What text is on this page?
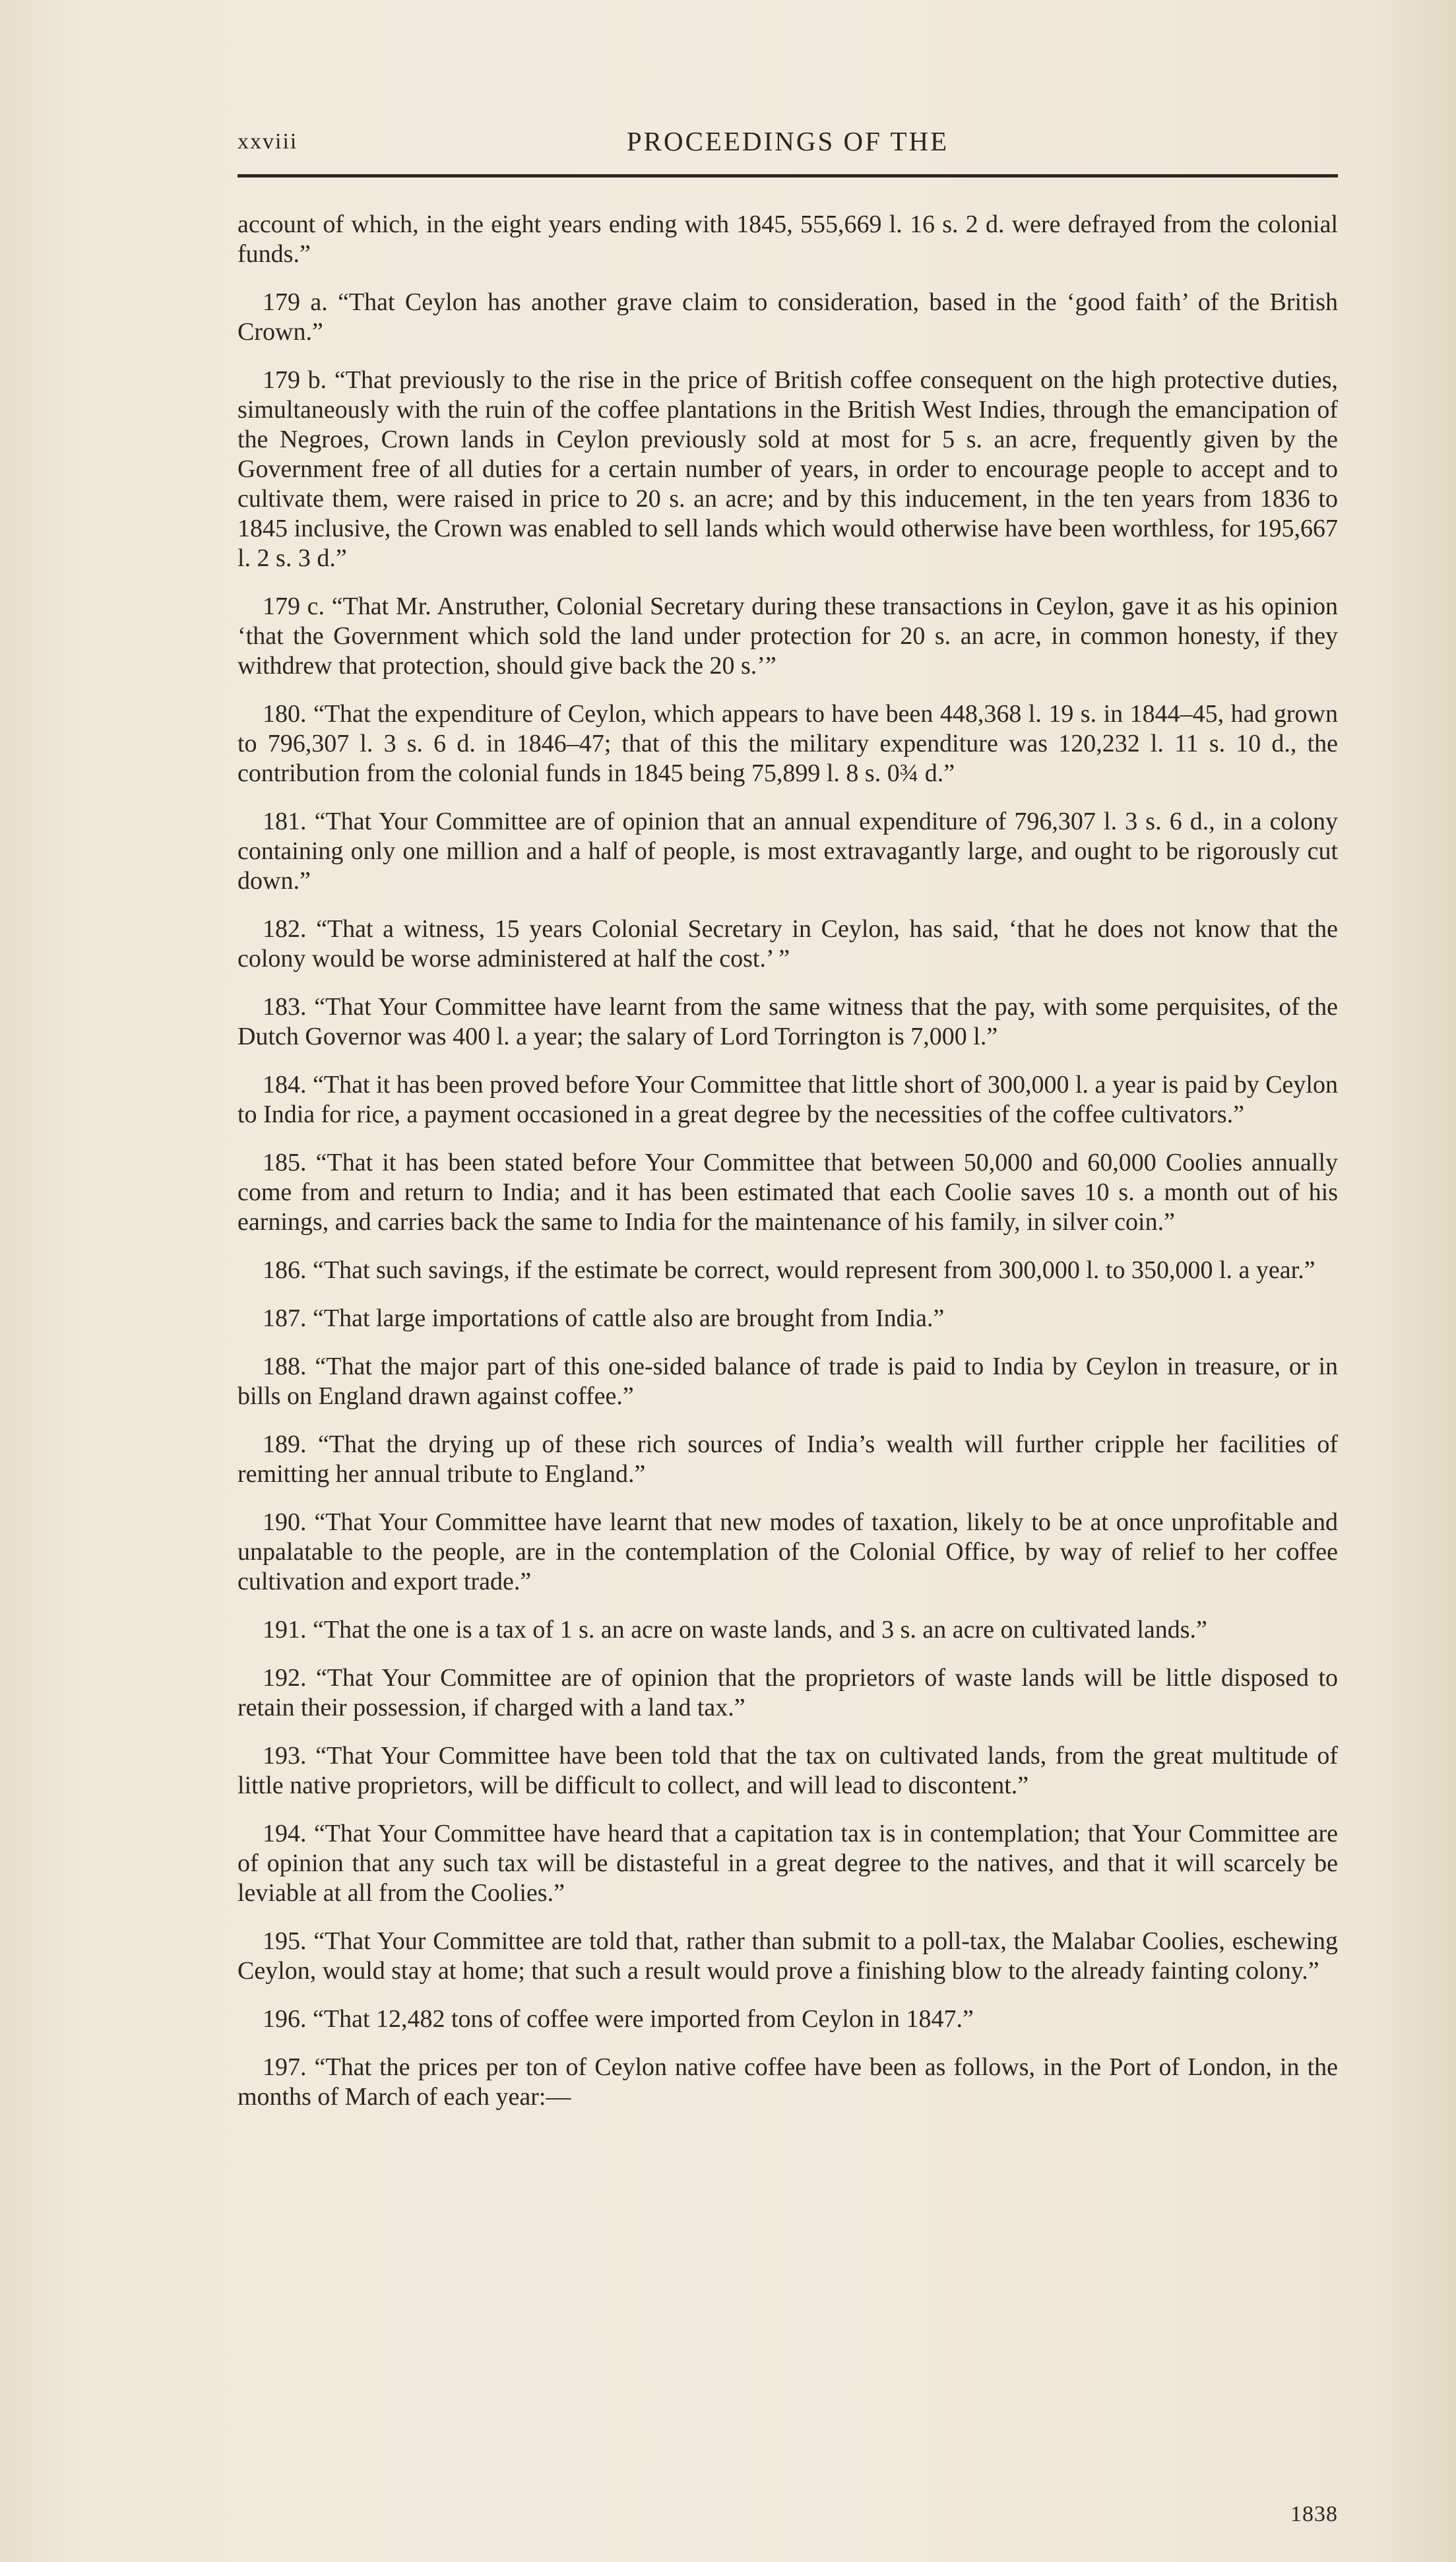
xxviii	PROCEEDINGS OF THE

account of which, in the eight years ending with 1845, 555,669 l. 16 s. 2 d. were defrayed from the colonial funds.”

179 a. “That Ceylon has another grave claim to consideration, based in the ‘good faith’ of the British Crown.”

179 b. “That previously to the rise in the price of British coffee consequent on the high protective duties, simultaneously with the ruin of the coffee plantations in the British West Indies, through the emancipation of the Negroes, Crown lands in Ceylon previously sold at most for 5 s. an acre, frequently given by the Government free of all duties for a certain number of years, in order to encourage people to accept and to cultivate them, were raised in price to 20 s. an acre; and by this inducement, in the ten years from 1836 to 1845 inclusive, the Crown was enabled to sell lands which would otherwise have been worthless, for 195,667 l. 2 s. 3 d.”

179 c. “That Mr. Anstruther, Colonial Secretary during these transactions in Ceylon, gave it as his opinion ‘that the Government which sold the land under protection for 20 s. an acre, in common honesty, if they withdrew that protection, should give back the 20 s.’”

180. “That the expenditure of Ceylon, which appears to have been 448,368 l. 19 s. in 1844–45, had grown to 796,307 l. 3 s. 6 d. in 1846–47; that of this the military expenditure was 120,232 l. 11 s. 10 d., the contribution from the colonial funds in 1845 being 75,899 l. 8 s. 0¾ d.”

181. “That Your Committee are of opinion that an annual expenditure of 796,307 l. 3 s. 6 d., in a colony containing only one million and a half of people, is most extravagantly large, and ought to be rigorously cut down.”

182. “That a witness, 15 years Colonial Secretary in Ceylon, has said, ‘that he does not know that the colony would be worse administered at half the cost.’ ”

183. “That Your Committee have learnt from the same witness that the pay, with some perquisites, of the Dutch Governor was 400 l. a year; the salary of Lord Torrington is 7,000 l.”

184. “That it has been proved before Your Committee that little short of 300,000 l. a year is paid by Ceylon to India for rice, a payment occasioned in a great degree by the necessities of the coffee cultivators.”

185. “That it has been stated before Your Committee that between 50,000 and 60,000 Coolies annually come from and return to India; and it has been estimated that each Coolie saves 10 s. a month out of his earnings, and carries back the same to India for the maintenance of his family, in silver coin.”

186. “That such savings, if the estimate be correct, would represent from 300,000 l. to 350,000 l. a year.”

187. “That large importations of cattle also are brought from India.”

188. “That the major part of this one-sided balance of trade is paid to India by Ceylon in treasure, or in bills on England drawn against coffee.”

189. “That the drying up of these rich sources of India’s wealth will further cripple her facilities of remitting her annual tribute to England.”

190. “That Your Committee have learnt that new modes of taxation, likely to be at once unprofitable and unpalatable to the people, are in the contemplation of the Colonial Office, by way of relief to her coffee cultivation and export trade.”

191. “That the one is a tax of 1 s. an acre on waste lands, and 3 s. an acre on cultivated lands.”

192. “That Your Committee are of opinion that the proprietors of waste lands will be little disposed to retain their possession, if charged with a land tax.”

193. “That Your Committee have been told that the tax on cultivated lands, from the great multitude of little native proprietors, will be difficult to collect, and will lead to discontent.”

194. “That Your Committee have heard that a capitation tax is in contemplation; that Your Committee are of opinion that any such tax will be distasteful in a great degree to the natives, and that it will scarcely be leviable at all from the Coolies.”

195. “That Your Committee are told that, rather than submit to a poll-tax, the Malabar Coolies, eschewing Ceylon, would stay at home; that such a result would prove a finishing blow to the already fainting colony.”

196. “That 12,482 tons of coffee were imported from Ceylon in 1847.”

197. “That the prices per ton of Ceylon native coffee have been as follows, in the Port of London, in the months of March of each year:—

1838
